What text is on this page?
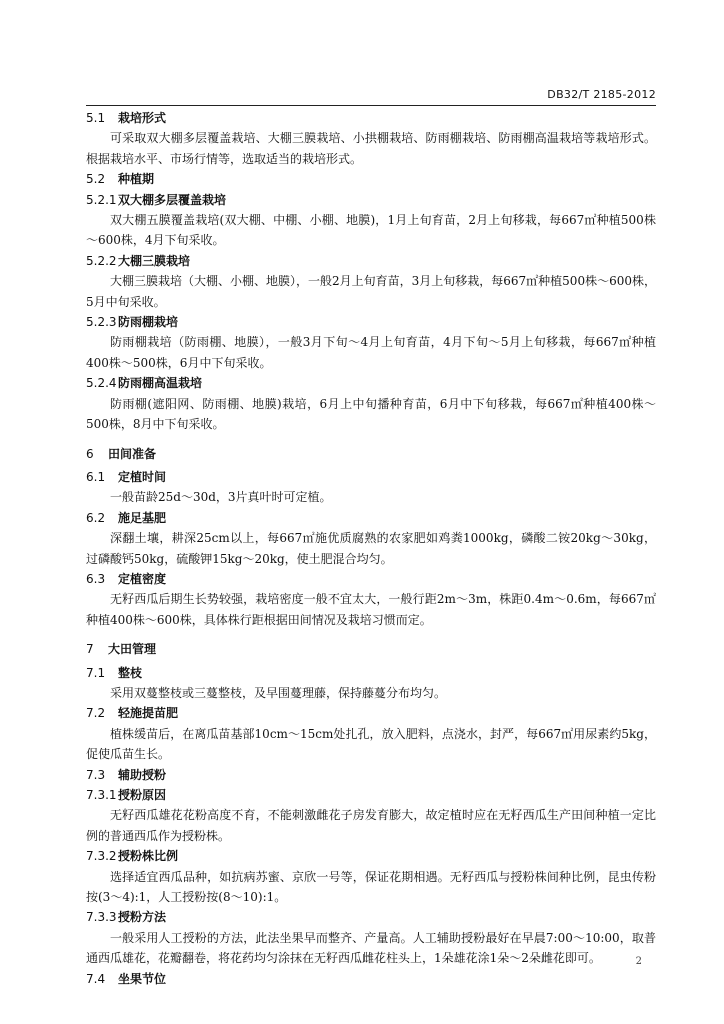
DB32/T 2185-2012
5.1 栽培形式
可采取双大棚多层覆盖栽培、大棚三膜栽培、小拱棚栽培、防雨棚栽培、防雨棚高温栽培等栽培形式。根据栽培水平、市场行情等，选取适当的栽培形式。
5.2 种植期
5.2.1双大棚多层覆盖栽培
双大棚五膜覆盖栽培(双大棚、中棚、小棚、地膜)，1月上旬育苗，2月上旬移栽，每667㎡种植500株～600株，4月下旬采收。
5.2.2大棚三膜栽培
大棚三膜栽培（大棚、小棚、地膜），一般2月上旬育苗，3月上旬移栽，每667㎡种植500株～600株，5月中旬采收。
5.2.3防雨棚栽培
防雨棚栽培（防雨棚、地膜），一般3月下旬～4月上旬育苗，4月下旬～5月上旬移栽，每667㎡种植400株～500株，6月中下旬采收。
5.2.4防雨棚高温栽培
防雨棚(遮阳网、防雨棚、地膜)栽培，6月上中旬播种育苗，6月中下旬移栽，每667㎡种植400株～500株，8月中下旬采收。
6 田间准备
6.1 定植时间
一般苗龄25d～30d，3片真叶时可定植。
6.2 施足基肥
深翻土壤，耕深25cm以上，每667㎡施优质腐熟的农家肥如鸡粪1000kg，磷酸二铵20kg～30kg，过磷酸钙50kg，硫酸钾15kg～20kg，使土肥混合均匀。
6.3 定植密度
无籽西瓜后期生长势较强，栽培密度一般不宜太大，一般行距2m～3m，株距0.4m～0.6m，每667㎡种植400株～600株，具体株行距根据田间情况及栽培习惯而定。
7 大田管理
7.1 整枝
采用双蔓整枝或三蔓整枝，及早围蔓理藤，保持藤蔓分布均匀。
7.2 轻施提苗肥
植株缓苗后，在离瓜苗基部10cm～15cm处扎孔，放入肥料，点浇水，封严，每667㎡用尿素约5kg，促使瓜苗生长。
7.3 辅助授粉
7.3.1授粉原因
无籽西瓜雄花花粉高度不育，不能刺激雌花子房发育膨大，故定植时应在无籽西瓜生产田间种植一定比例的普通西瓜作为授粉株。
7.3.2授粉株比例
选择适宜西瓜品种，如抗病苏蜜、京欣一号等，保证花期相遇。无籽西瓜与授粉株间种比例，昆虫传粉按(3～4):1，人工授粉按(8～10):1。
7.3.3授粉方法
一般采用人工授粉的方法，此法坐果早而整齐、产量高。人工辅助授粉最好在早晨7:00～10:00，取普通西瓜雄花，花瓣翻卷，将花药均匀涂抹在无籽西瓜雌花柱头上，1朵雄花涂1朵～2朵雌花即可。
7.4 坐果节位
2
